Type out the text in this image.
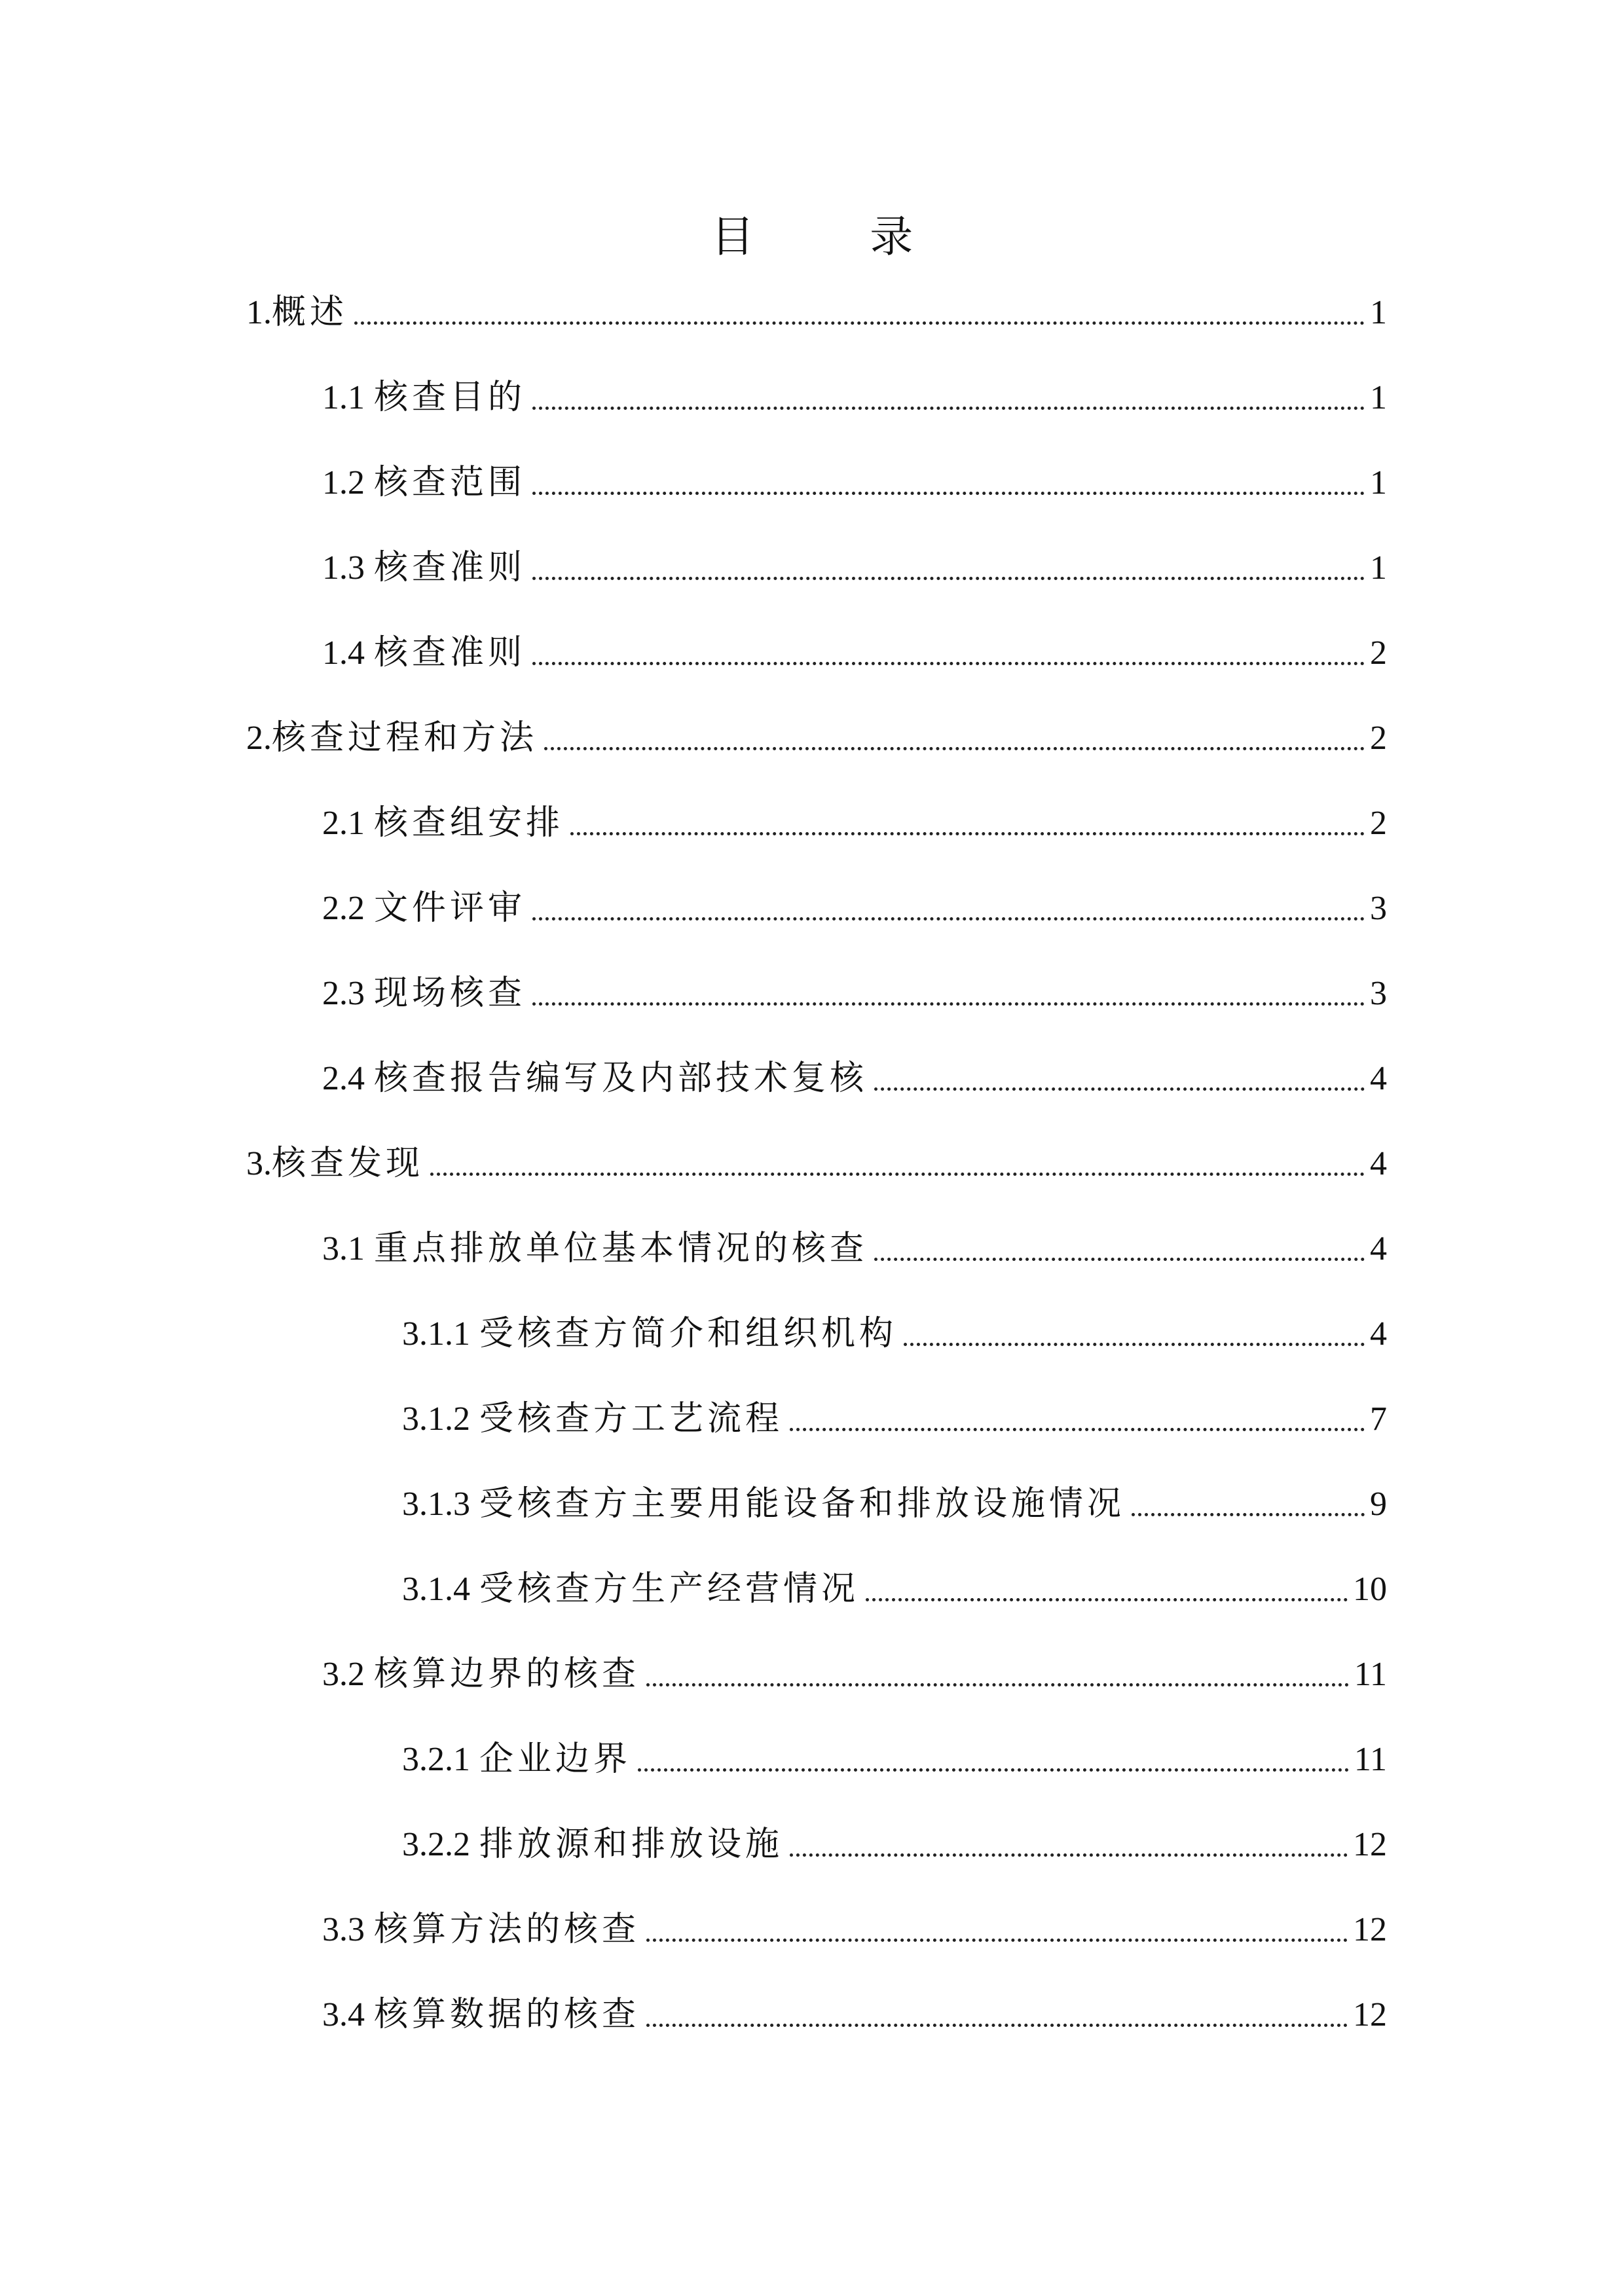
目 录
1. 概述	1
1.1 核查目的	1
1.2 核查范围	1
1.3 核查准则	1
1.4 核查准则	2
2. 核查过程和方法	2
2.1 核查组安排	2
2.2 文件评审	3
2.3 现场核查	3
2.4 核查报告编写及内部技术复核	4
3. 核查发现	4
3.1 重点排放单位基本情况的核查	4
3.1.1 受核查方简介和组织机构	4
3.1.2 受核查方工艺流程	7
3.1.3 受核查方主要用能设备和排放设施情况	9
3.1.4 受核查方生产经营情况	10
3.2 核算边界的核查	11
3.2.1 企业边界	11
3.2.2 排放源和排放设施	12
3.3 核算方法的核查	12
3.4 核算数据的核查	12
